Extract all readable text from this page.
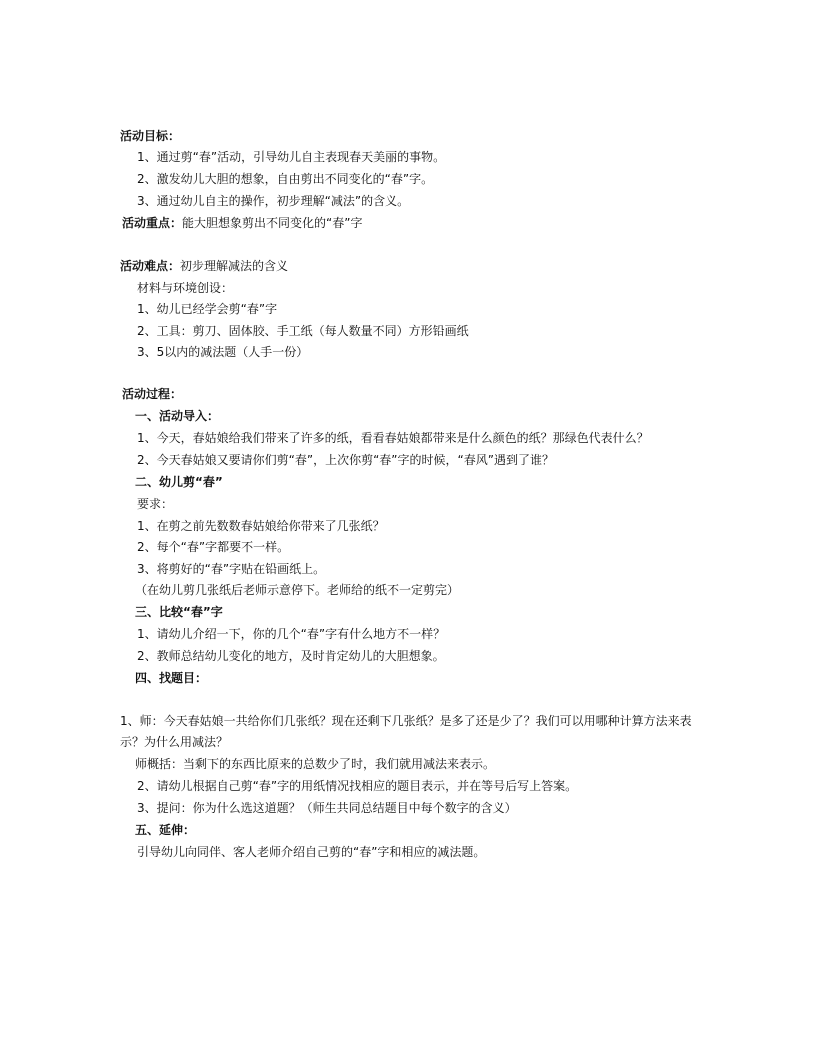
活动目标：
1、通过剪“春”活动，引导幼儿自主表现春天美丽的事物。
2、激发幼儿大胆的想象，自由剪出不同变化的“春”字。
3、通过幼儿自主的操作，初步理解“减法”的含义。
活动重点：能大胆想象剪出不同变化的“春”字
活动难点：初步理解减法的含义
材料与环境创设：
1、幼儿已经学会剪“春”字
2、工具：剪刀、固体胶、手工纸（每人数量不同）方形铅画纸
3、5以内的减法题（人手一份）
活动过程：
一、活动导入：
1、今天，春姑娘给我们带来了许多的纸，看看春姑娘都带来是什么颜色的纸？那绿色代表什么？
2、今天春姑娘又要请你们剪“春”，上次你剪“春”字的时候，“春风”遇到了谁？
二、幼儿剪“春”
要求：
1、在剪之前先数数春姑娘给你带来了几张纸？
2、每个“春”字都要不一样。
3、将剪好的“春”字贴在铅画纸上。
（在幼儿剪几张纸后老师示意停下。老师给的纸不一定剪完）
三、比较“春”字
1、请幼儿介绍一下，你的几个“春”字有什么地方不一样？
2、教师总结幼儿变化的地方，及时肯定幼儿的大胆想象。
四、找题目：
1、师：今天春姑娘一共给你们几张纸？现在还剩下几张纸？是多了还是少了？我们可以用哪种计算方法来表
示？为什么用减法？
师概括：当剩下的东西比原来的总数少了时，我们就用减法来表示。
2、请幼儿根据自己剪“春”字的用纸情况找相应的题目表示，并在等号后写上答案。
3、提问：你为什么选这道题？（师生共同总结题目中每个数字的含义）
五、延伸：
引导幼儿向同伴、客人老师介绍自己剪的“春”字和相应的减法题。
